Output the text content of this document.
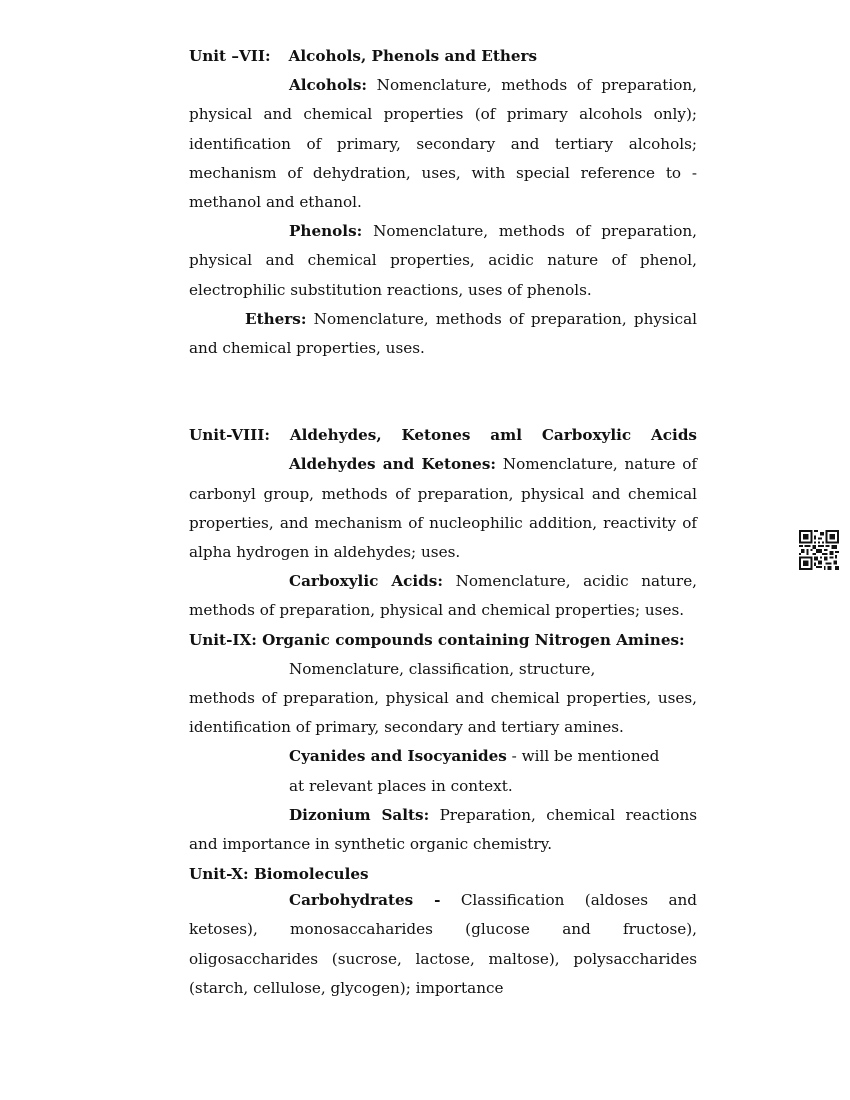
Unit –VII: Alcohols, Phenols and Ethers

Alcohols: Nomenclature, methods of preparation, physical and chemical properties (of primary alcohols only); identification of primary, secondary and tertiary alcohols; mechanism of dehydration, uses, with special reference to - methanol and ethanol.

Phenols: Nomenclature, methods of preparation, physical and chemical properties, acidic nature of phenol, electrophilic substitution reactions, uses of phenols.

Ethers: Nomenclature, methods of preparation, physical and chemical properties, uses.

Unit-VIII: Aldehydes, Ketones aml Carboxylic Acids

Aldehydes and Ketones: Nomenclature, nature of carbonyl group, methods of preparation, physical and chemical properties, and mechanism of nucleophilic addition, reactivity of alpha hydrogen in aldehydes; uses.

Carboxylic Acids: Nomenclature, acidic nature, methods of preparation, physical and chemical properties; uses.

Unit-IX: Organic compounds containing Nitrogen Amines:

Nomenclature, classification, structure,

methods of preparation, physical and chemical properties, uses, identification of primary, secondary and tertiary amines.

Cyanides and Isocyanides - will be mentioned

at relevant places in context.

Dizonium Salts: Preparation, chemical reactions and importance in synthetic organic chemistry.

Unit-X: Biomolecules

Carbohydrates - Classification (aldoses and ketoses), monosaccaharides (glucose and fructose), oligosaccharides (sucrose, lactose, maltose), polysaccharides (starch, cellulose, glycogen); importance
